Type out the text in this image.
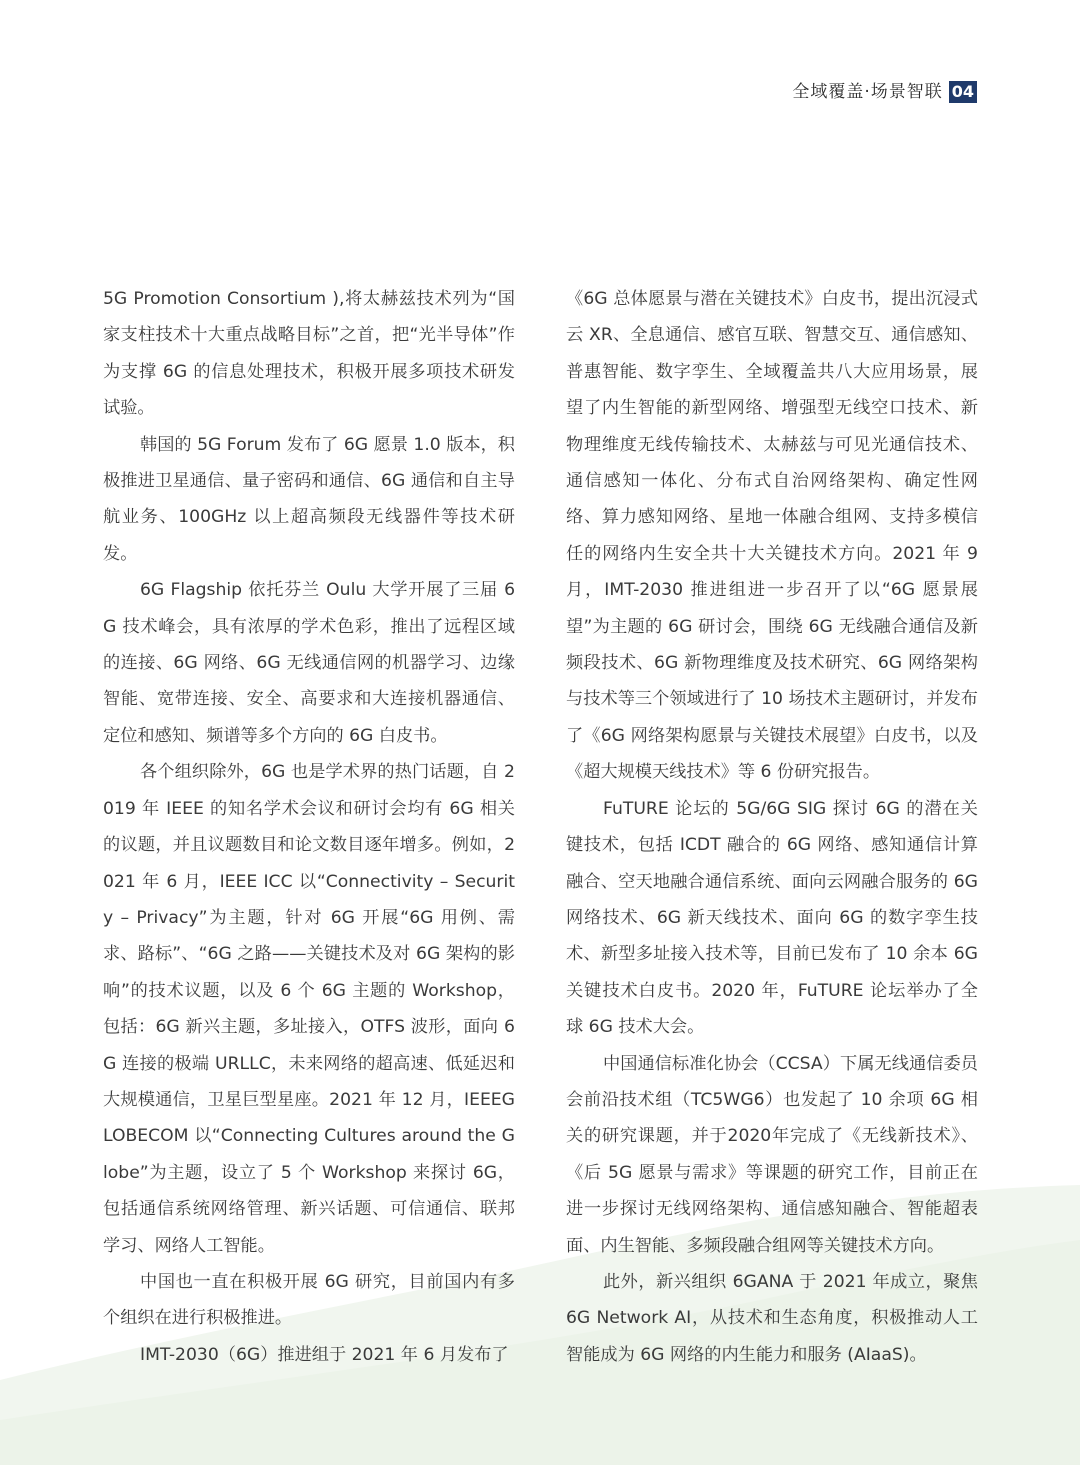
全域覆盖·场景智联 04

5G Promotion Consortium ),将太赫兹技术列为“国家支柱技术十大重点战略目标”之首，把“光半导体”作为支撑 6G 的信息处理技术，积极开展多项技术研发试验。

韩国的 5G Forum 发布了 6G 愿景 1.0 版本，积极推进卫星通信、量子密码和通信、6G 通信和自主导航业务、100GHz 以上超高频段无线器件等技术研发。

6G Flagship 依托芬兰 Oulu 大学开展了三届 6G 技术峰会，具有浓厚的学术色彩，推出了远程区域的连接、6G 网络、6G 无线通信网的机器学习、边缘智能、宽带连接、安全、高要求和大连接机器通信、定位和感知、频谱等多个方向的 6G 白皮书。

各个组织除外，6G 也是学术界的热门话题，自 2019 年 IEEE 的知名学术会议和研讨会均有 6G 相关的议题，并且议题数目和论文数目逐年增多。例如，2021 年 6 月，IEEE ICC 以“Connectivity – Security – Privacy”为主题，针对 6G 开展“6G 用例、需求、路标”、“6G 之路——关键技术及对 6G 架构的影响”的技术议题，以及 6 个 6G 主题的 Workshop，包括：6G 新兴主题，多址接入，OTFS 波形，面向 6G 连接的极端 URLLC，未来网络的超高速、低延迟和大规模通信，卫星巨型星座。2021 年 12 月，IEEEGLOBECOM 以“Connecting Cultures around the Globe”为主题，设立了 5 个 Workshop 来探讨 6G，包括通信系统网络管理、新兴话题、可信通信、联邦学习、网络人工智能。

中国也一直在积极开展 6G 研究，目前国内有多个组织在进行积极推进。

IMT-2030（6G）推进组于 2021 年 6 月发布了

《6G 总体愿景与潜在关键技术》白皮书，提出沉浸式云 XR、全息通信、感官互联、智慧交互、通信感知、普惠智能、数字孪生、全域覆盖共八大应用场景，展望了内生智能的新型网络、增强型无线空口技术、新物理维度无线传输技术、太赫兹与可见光通信技术、通信感知一体化、分布式自治网络架构、确定性网络、算力感知网络、星地一体融合组网、支持多模信任的网络内生安全共十大关键技术方向。2021 年 9 月，IMT-2030 推进组进一步召开了以“6G 愿景展望”为主题的 6G 研讨会，围绕 6G 无线融合通信及新频段技术、6G 新物理维度及技术研究、6G 网络架构与技术等三个领域进行了 10 场技术主题研讨，并发布了《6G 网络架构愿景与关键技术展望》白皮书，以及《超大规模天线技术》等 6 份研究报告。

FuTURE 论坛的 5G/6G SIG 探讨 6G 的潜在关键技术，包括 ICDT 融合的 6G 网络、感知通信计算融合、空天地融合通信系统、面向云网融合服务的 6G 网络技术、6G 新天线技术、面向 6G 的数字孪生技术、新型多址接入技术等，目前已发布了 10 余本 6G 关键技术白皮书。2020 年，FuTURE 论坛举办了全球 6G 技术大会。

中国通信标准化协会（CCSA）下属无线通信委员会前沿技术组（TC5WG6）也发起了 10 余项 6G 相关的研究课题，并于2020年完成了《无线新技术》、《后 5G 愿景与需求》等课题的研究工作，目前正在进一步探讨无线网络架构、通信感知融合、智能超表面、内生智能、多频段融合组网等关键技术方向。

此外，新兴组织 6GANA 于 2021 年成立，聚焦 6G Network AI，从技术和生态角度，积极推动人工智能成为 6G 网络的内生能力和服务 (AIaaS)。
